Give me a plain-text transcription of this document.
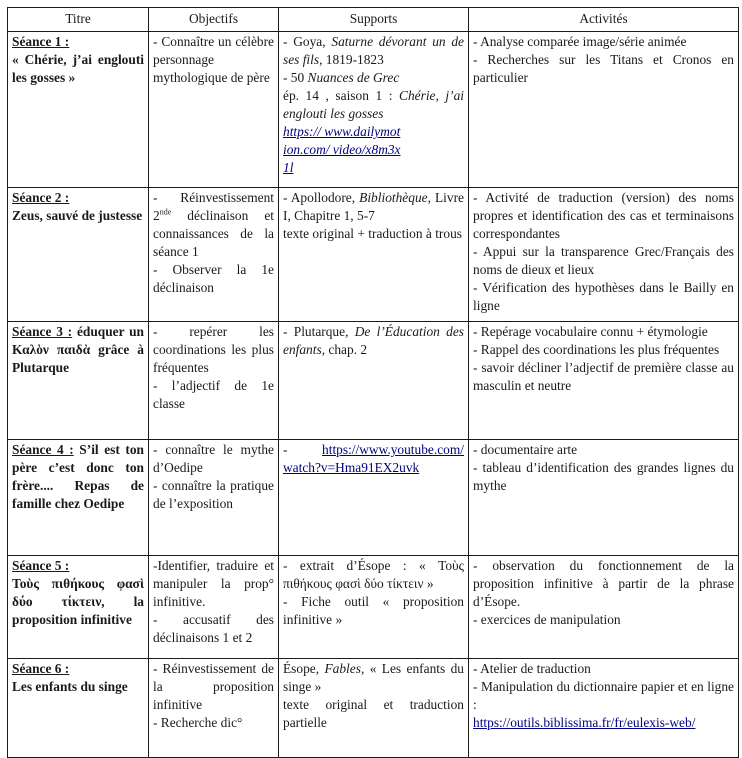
Titre	Objectifs	Supports	Activités
Séance 1 :
« Chérie, j’ai englouti les gosses »	- Connaître un célèbre personnage mythologique de père	- Goya, Saturne dévorant un de ses fils, 1819-1823
- 50 Nuances de Grec
ép. 14 , saison 1 : Chérie, j’ai englouti les gosses
https:// www.dailymotion.com/ video/x8m3x1l	- Analyse comparée image/série animée
- Recherches sur les Titans et Cronos en particulier

Séance 2 :
Zeus, sauvé de justesse	- Réinvestissement 2nde déclinaison et connaissances de la séance 1
- Observer la 1e déclinaison	- Apollodore, Bibliothèque, Livre I, Chapitre 1, 5-7
texte original + traduction à trous	- Activité de traduction (version) des noms propres et identification des cas et terminaisons correspondantes
- Appui sur la transparence Grec/Français des noms de dieux et lieux
- Vérification des hypothèses dans le Bailly en ligne

Séance 3 : éduquer un Καλὸν παιδὰ grâce à Plutarque	- repérer les coordinations les plus fréquentes
- l’adjectif de 1e classe	- Plutarque, De l’Éducation des enfants, chap. 2	- Repérage vocabulaire connu + étymologie
- Rappel des coordinations les plus fréquentes
- savoir décliner l’adjectif de première classe au masculin et neutre

Séance 4 : S’il est ton père c’est donc ton frère.... Repas de famille chez Oedipe	- connaître le mythe d’Oedipe
- connaître la pratique de l’exposition	- https://www.youtube.com/ watch?v=Hma91EX2uvk	- documentaire arte
- tableau d’identification des grandes lignes du mythe

Séance 5 :
Τοὺς πιθήκους φασὶ δύο τίκτειν, la proposition infinitive	-Identifier, traduire et manipuler la prop° infinitive.
- accusatif des déclinaisons 1 et 2	- extrait d’Ésope : « Τοὺς πιθήκους φασὶ δύο τίκτειν »
- Fiche outil « proposition infinitive »	- observation du fonctionnement de la proposition infinitive à partir de la phrase d’Ésope.
- exercices de manipulation

Séance 6 :
Les enfants du singe	- Réinvestissement de la proposition infinitive
- Recherche dic°	Ésope, Fables, « Les enfants du singe »
texte original et traduction partielle	- Atelier de traduction
- Manipulation du dictionnaire papier et en ligne :
https://outils.biblissima.fr/fr/eulexis-web/
